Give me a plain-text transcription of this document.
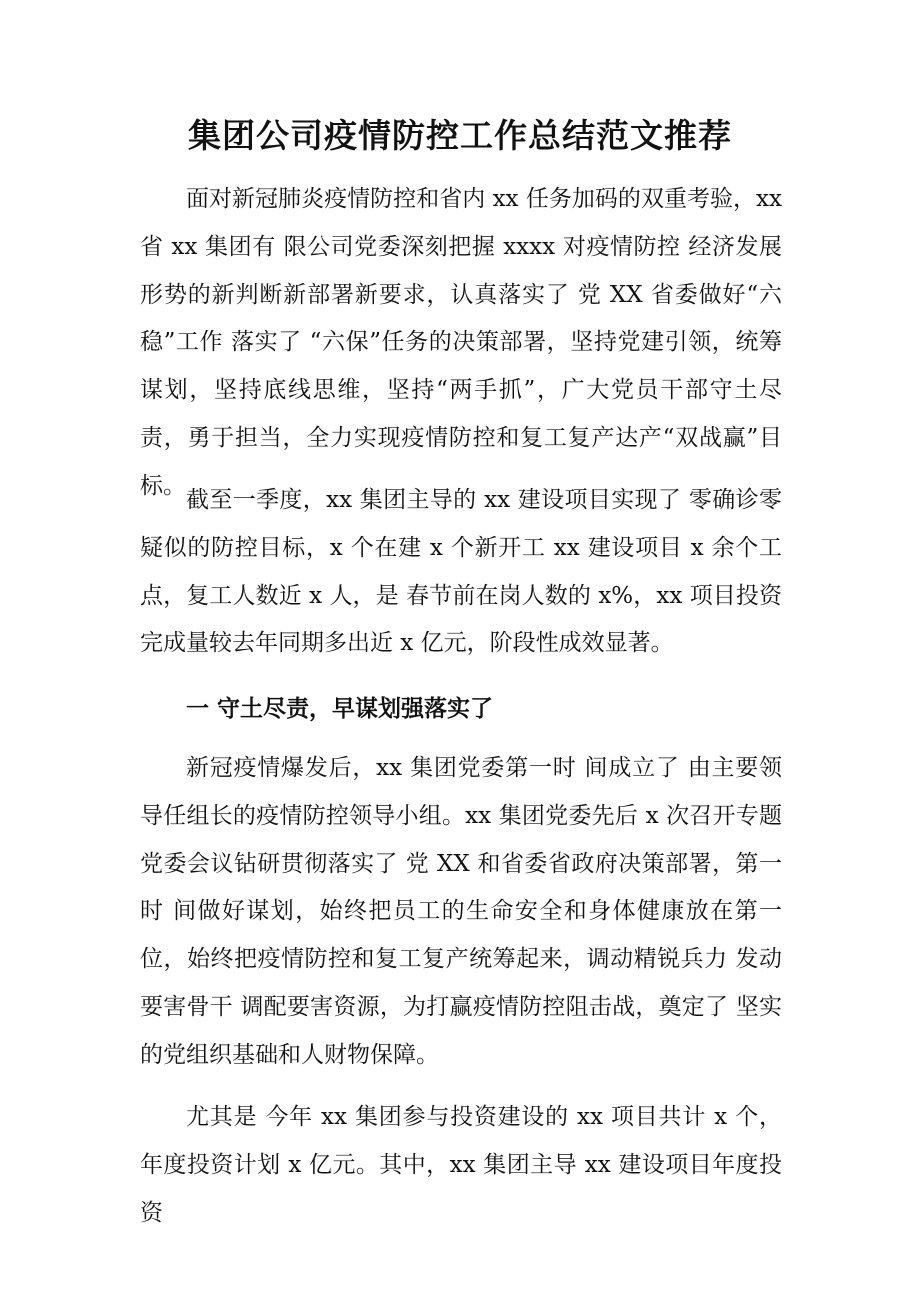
集团公司疫情防控工作总结范文推荐

面对新冠肺炎疫情防控和省内 xx 任务加码的双重考验，xx 省 xx 集团有 限公司党委深刻把握 xxxx 对疫情防控 经济发展形势的新判断新部署新要求，认真落实了 党 XX 省委做好“六稳”工作 落实了 “六保”任务的决策部署，坚持党建引领，统筹谋划，坚持底线思维，坚持“两手抓”，广大党员干部守土尽责，勇于担当，全力实现疫情防控和复工复产达产“双战赢”目标。

截至一季度，xx 集团主导的 xx 建设项目实现了 零确诊零疑似的防控目标，x 个在建 x 个新开工 xx 建设项目 x 余个工点，复工人数近 x 人，是 春节前在岗人数的 x%，xx 项目投资完成量较去年同期多出近 x 亿元，阶段性成效显著。

一 守土尽责，早谋划强落实了

新冠疫情爆发后，xx 集团党委第一时 间成立了 由主要领导任组长的疫情防控领导小组。xx 集团党委先后 x 次召开专题党委会议钻研贯彻落实了 党 XX 和省委省政府决策部署，第一时 间做好谋划，始终把员工的生命安全和身体健康放在第一位，始终把疫情防控和复工复产统筹起来，调动精锐兵力 发动要害骨干 调配要害资源，为打赢疫情防控阻击战，奠定了 坚实的党组织基础和人财物保障。

尤其是 今年 xx 集团参与投资建设的 xx 项目共计 x 个，年度投资计划 x 亿元。其中，xx 集团主导 xx 建设项目年度投资
